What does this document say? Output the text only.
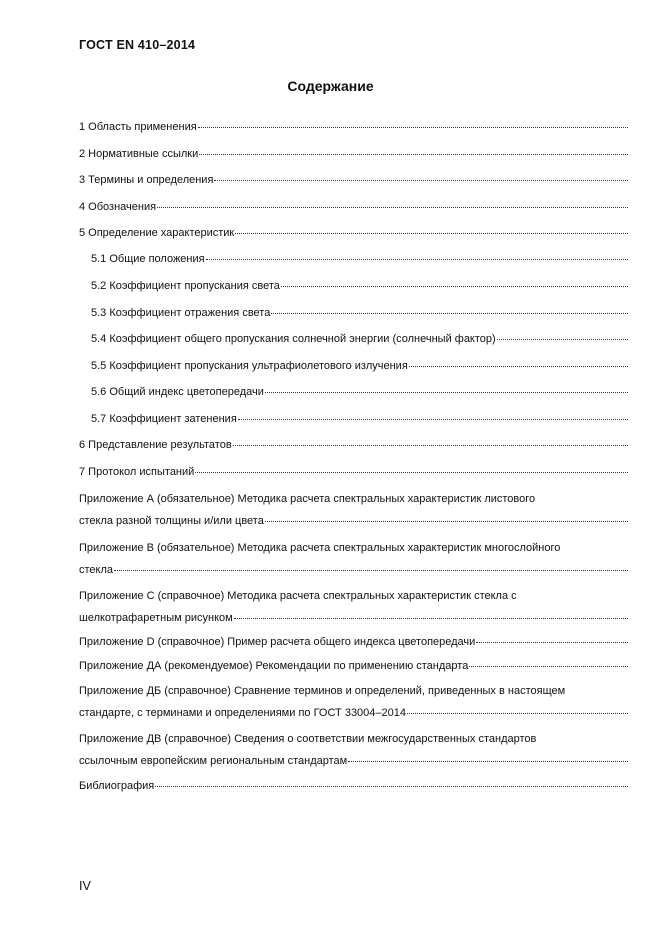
ГОСТ EN 410–2014
Содержание
1 Область применения
2 Нормативные ссылки
3 Термины и определения
4 Обозначения
5 Определение характеристик
5.1 Общие положения
5.2 Коэффициент пропускания света
5.3 Коэффициент отражения света
5.4 Коэффициент общего пропускания солнечной энергии (солнечный фактор)
5.5 Коэффициент пропускания ультрафиолетового излучения
5.6 Общий индекс цветопередачи
5.7 Коэффициент затенения
6 Представление результатов
7 Протокол испытаний
Приложение А (обязательное) Методика расчета спектральных характеристик листового
стекла разной толщины и/или цвета
Приложение В (обязательное) Методика расчета спектральных характеристик многослойного
стекла
Приложение С (справочное) Методика расчета спектральных характеристик стекла с
шелкотрафаретным рисунком
Приложение D (справочное) Пример расчета общего индекса цветопередачи
Приложение ДА (рекомендуемое) Рекомендации по применению стандарта
Приложение ДБ (справочное) Сравнение терминов и определений, приведенных в настоящем
стандарте, с терминами и определениями по ГОСТ 33004–2014
Приложение ДВ (справочное) Сведения о соответствии межгосударственных стандартов
ссылочным европейским региональным стандартам
Библиография
IV
